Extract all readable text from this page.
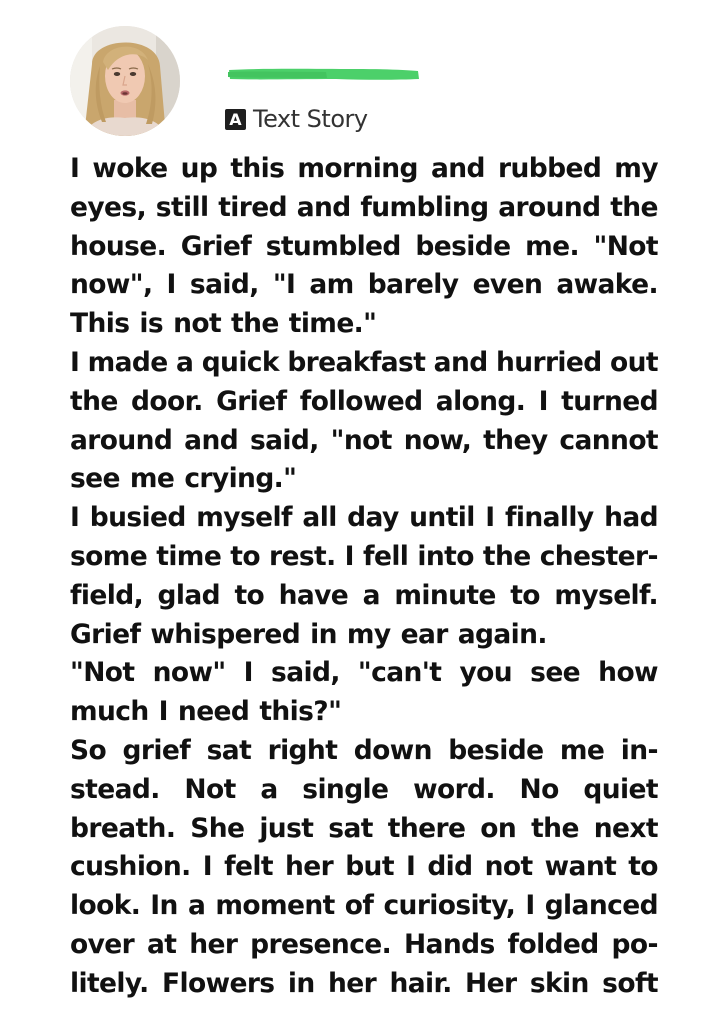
A Text Story
I woke up this morning and rubbed my
eyes, still tired and fumbling around the
house. Grief stumbled beside me. "Not
now", I said, "I am barely even awake.
This is not the time."
I made a quick breakfast and hurried out
the door. Grief followed along. I turned
around and said, "not now, they cannot
see me crying."
I busied myself all day until I finally had
some time to rest. I fell into the chester-
field, glad to have a minute to myself.
Grief whispered in my ear again.
"Not now" I said, "can't you see how
much I need this?"
So grief sat right down beside me in-
stead. Not a single word. No quiet
breath. She just sat there on the next
cushion. I felt her but I did not want to
look. In a moment of curiosity, I glanced
over at her presence. Hands folded po-
litely. Flowers in her hair. Her skin soft
